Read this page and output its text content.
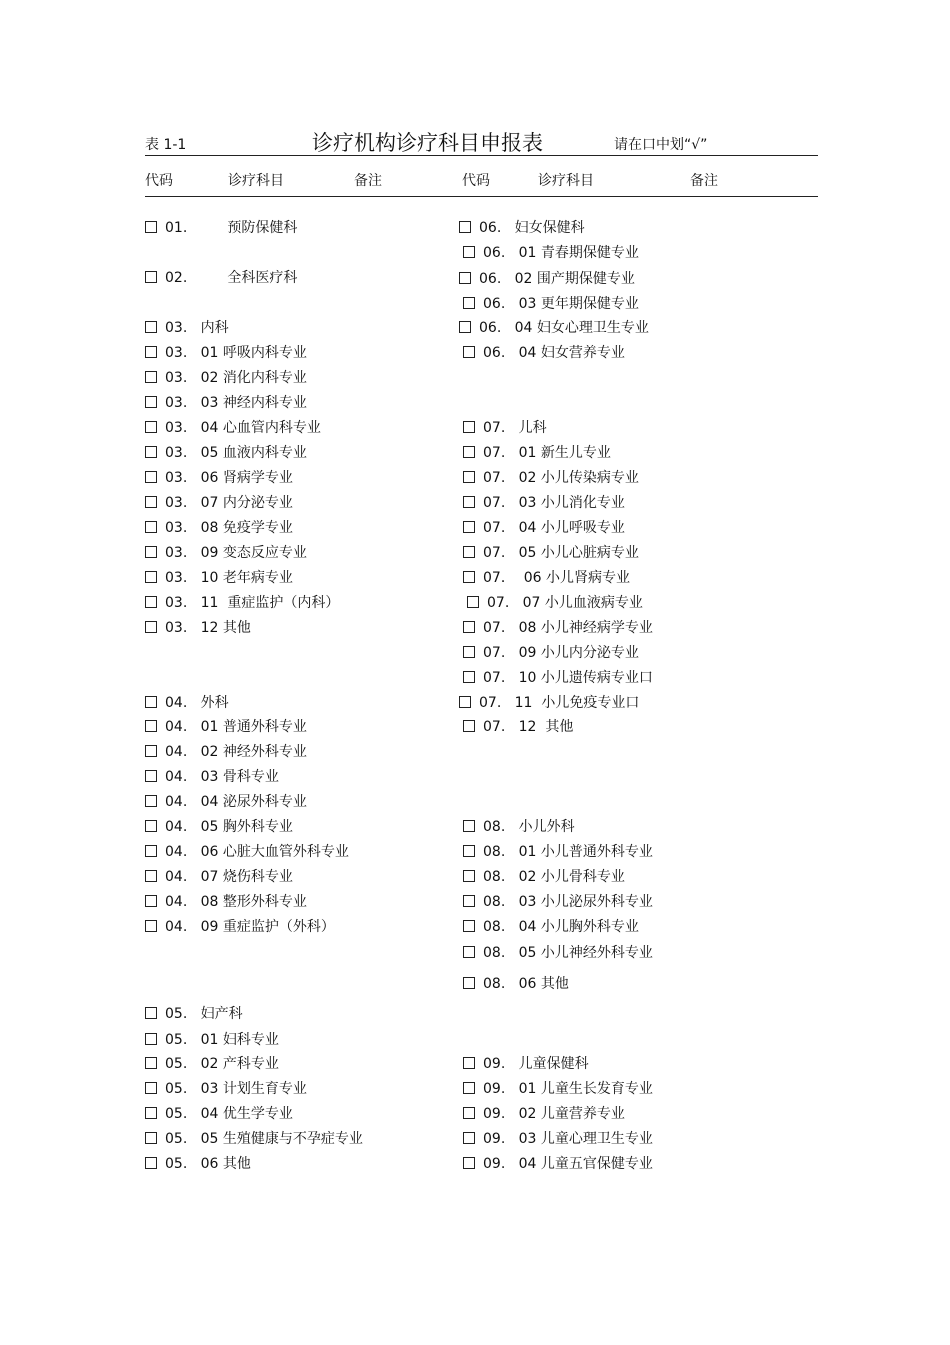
表 1-1	诊疗机构诊疗科目申报表	请在口中划“√”
代码	诊疗科目	备注	代码	诊疗科目	备注
01.         预防保健科
02.         全科医疗科
03.   内科
03.   01 呼吸内科专业
03.   02 消化内科专业
03.   03 神经内科专业
03.   04 心血管内科专业
03.   05 血液内科专业
03.   06 肾病学专业
03.   07 内分泌专业
03.   08 免疫学专业
03.   09 变态反应专业
03.   10 老年病专业
03.   11  重症监护（内科）
03.   12 其他
04.   外科
04.   01 普通外科专业
04.   02 神经外科专业
04.   03 骨科专业
04.   04 泌尿外科专业
04.   05 胸外科专业
04.   06 心脏大血管外科专业
04.   07 烧伤科专业
04.   08 整形外科专业
04.   09 重症监护（外科）
05.   妇产科
05.   01 妇科专业
05.   02 产科专业
05.   03 计划生育专业
05.   04 优生学专业
05.   05 生殖健康与不孕症专业
05.   06 其他
06.   妇女保健科
06.   01 青春期保健专业
06.   02 围产期保健专业
06.   03 更年期保健专业
06.   04 妇女心理卫生专业
06.   04 妇女营养专业
07.   儿科
07.   01 新生儿专业
07.   02 小儿传染病专业
07.   03 小儿消化专业
07.   04 小儿呼吸专业
07.   05 小儿心脏病专业
07．  06 小儿肾病专业
07.   07 小儿血液病专业
07.   08 小儿神经病学专业
07.   09 小儿内分泌专业
07.   10 小儿遗传病专业口
07.   11  小儿免疫专业口
07.   12  其他
08.   小儿外科
08.   01 小儿普通外科专业
08.   02 小儿骨科专业
08.   03 小儿泌尿外科专业
08.   04 小儿胸外科专业
08.   05 小儿神经外科专业
08.   06 其他
09.   儿童保健科
09.   01 儿童生长发育专业
09.   02 儿童营养专业
09.   03 儿童心理卫生专业
09.   04 儿童五官保健专业
